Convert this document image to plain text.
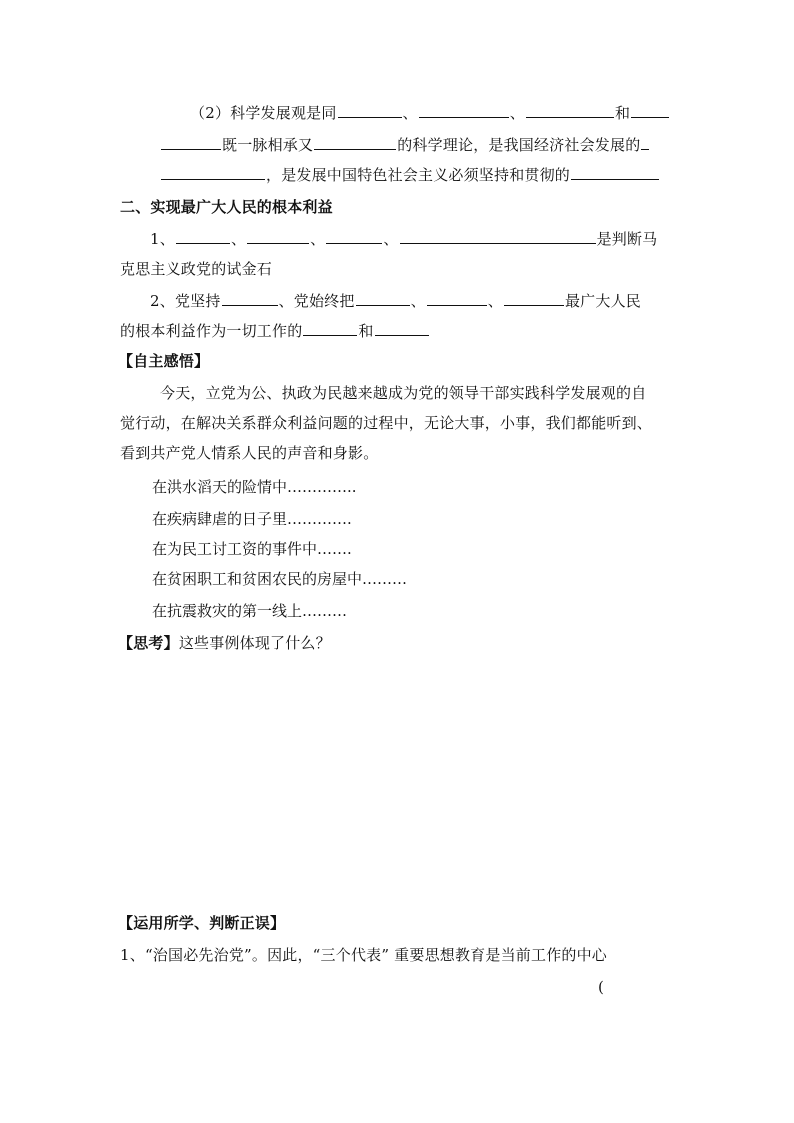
（2）科学发展观是同	、	、	和
既一脉相承又	的科学理论，是我国经济社会发展的
，是发展中国特色社会主义必须坚持和贯彻的
二、实现最广大人民的根本利益
1、	、	、	、	是判断马
克思主义政党的试金石
2、党坚持	、党始终把	、	、	最广大人民
的根本利益作为一切工作的	和
【自主感悟】
今天，立党为公、执政为民越来越成为党的领导干部实践科学发展观的自
觉行动，在解决关系群众利益问题的过程中，无论大事，小事，我们都能听到、
看到共产党人情系人民的声音和身影。
在洪水滔天的险情中…………..
在疾病肆虐的日子里………….
在为民工讨工资的事件中…….
在贫困职工和贫困农民的房屋中………
在抗震救灾的第一线上………
【思考】这些事例体现了什么？
【运用所学、判断正误】
1、“治国必先治党”。因此，“三个代表” 重要思想教育是当前工作的中心
(
